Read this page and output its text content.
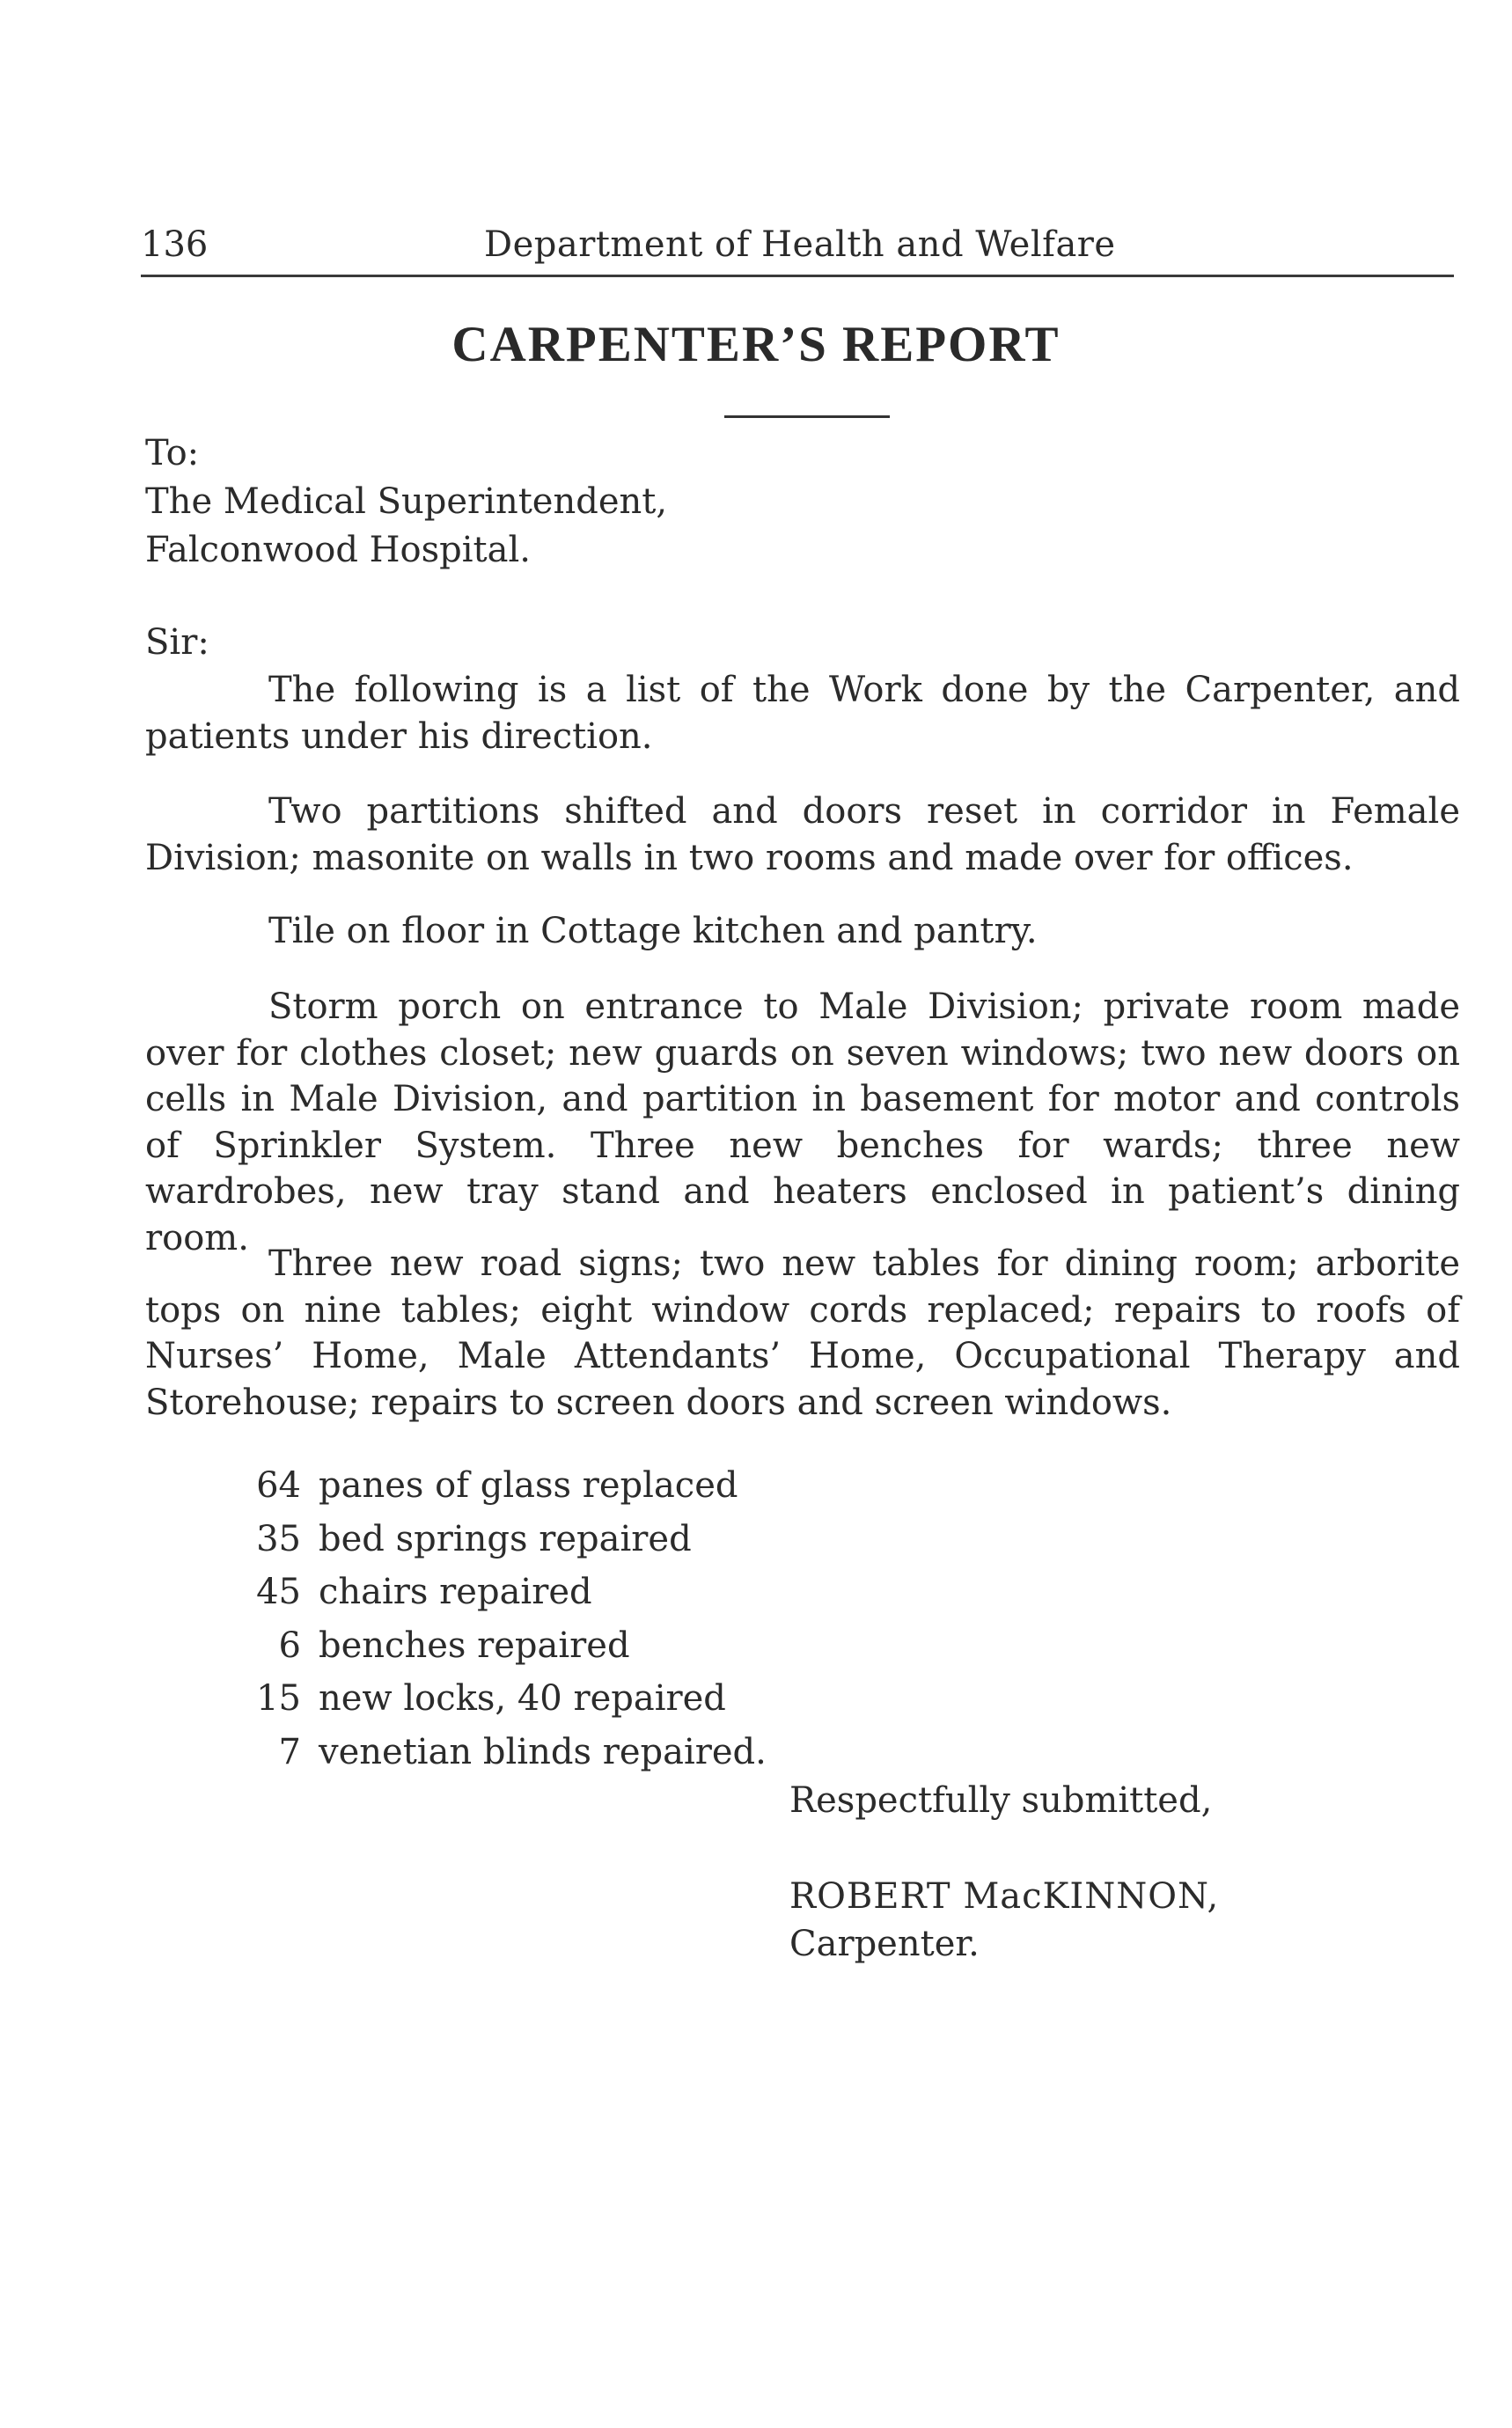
136	Department of Health and Welfare
CARPENTER’S REPORT
To:
The Medical Superintendent,
Falconwood Hospital.
Sir:

The following is a list of the Work done by the Carpenter, and patients under his direction.

Two partitions shifted and doors reset in corridor in Female Division; masonite on walls in two rooms and made over for offices.

Tile on floor in Cottage kitchen and pantry.

Storm porch on entrance to Male Division; private room made over for clothes closet; new guards on seven windows; two new doors on cells in Male Division, and partition in basement for motor and controls of Sprinkler System. Three new benches for wards; three new wardrobes, new tray stand and heaters enclosed in patient’s dining room.

Three new road signs; two new tables for dining room; arborite tops on nine tables; eight window cords replaced; repairs to roofs of Nurses’ Home, Male Attendants’ Home, Occupational Therapy and Storehouse; repairs to screen doors and screen windows.

64 panes of glass replaced
35 bed springs repaired
45 chairs repaired
6 benches repaired
15 new locks, 40 repaired
7 venetian blinds repaired.
Respectfully submitted,
ROBERT MacKINNON,
Carpenter.
